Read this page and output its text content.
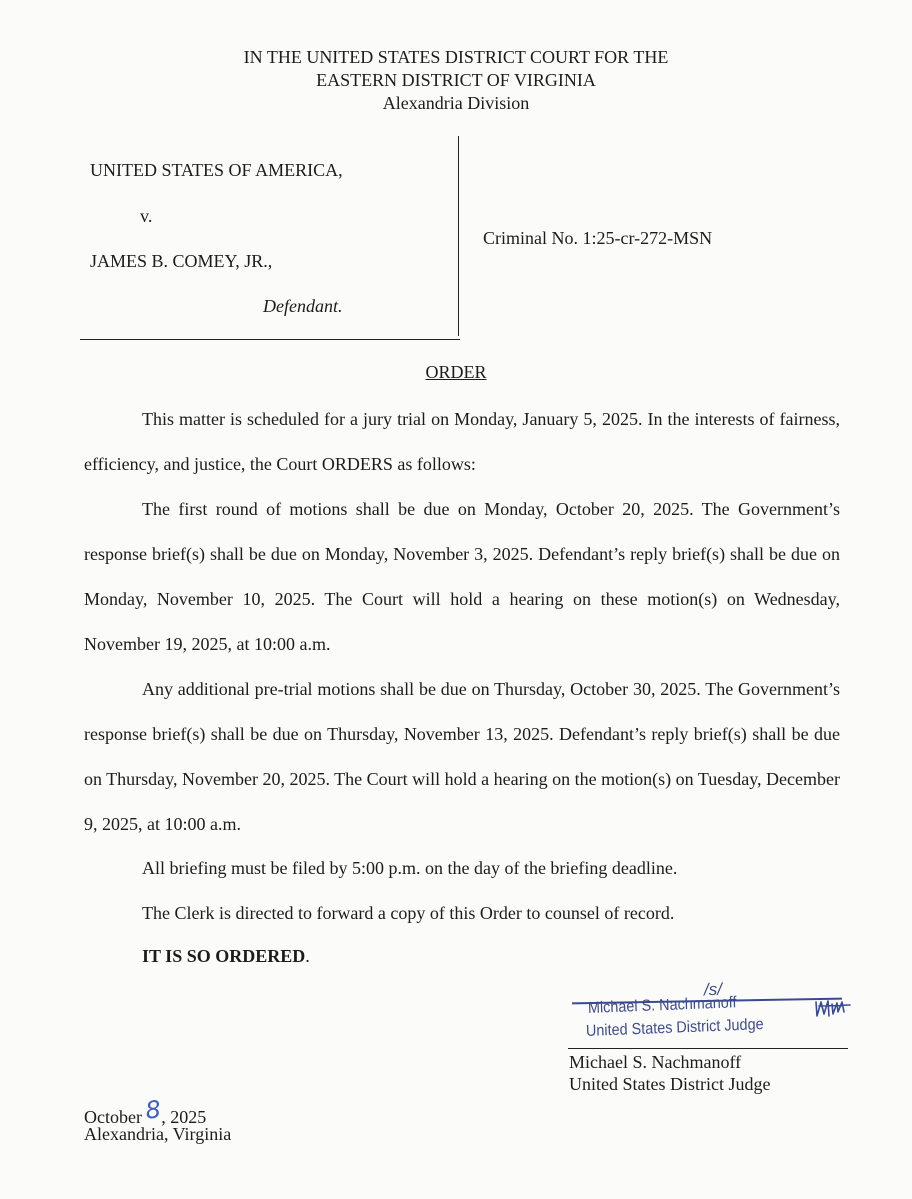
IN THE UNITED STATES DISTRICT COURT FOR THE
EASTERN DISTRICT OF VIRGINIA
Alexandria Division
UNITED STATES OF AMERICA,
v.
JAMES B. COMEY, JR.,
Defendant.
Criminal No. 1:25-cr-272-MSN
ORDER

This matter is scheduled for a jury trial on Monday, January 5, 2025. In the interests of fairness, efficiency, and justice, the Court ORDERS as follows:

The first round of motions shall be due on Monday, October 20, 2025. The Government’s response brief(s) shall be due on Monday, November 3, 2025. Defendant’s reply brief(s) shall be due on Monday, November 10, 2025. The Court will hold a hearing on these motion(s) on Wednesday, November 19, 2025, at 10:00 a.m.

Any additional pre-trial motions shall be due on Thursday, October 30, 2025. The Government’s response brief(s) shall be due on Thursday, November 13, 2025. Defendant’s reply brief(s) shall be due on Thursday, November 20, 2025. The Court will hold a hearing on the motion(s) on Tuesday, December 9, 2025, at 10:00 a.m.

All briefing must be filed by 5:00 p.m. on the day of the briefing deadline.
The Clerk is directed to forward a copy of this Order to counsel of record.
IT IS SO ORDERED.
/s/
Michael S. Nachmanoff
United States District Judge
Michael S. Nachmanoff
United States District Judge
October8, 2025
Alexandria, Virginia
